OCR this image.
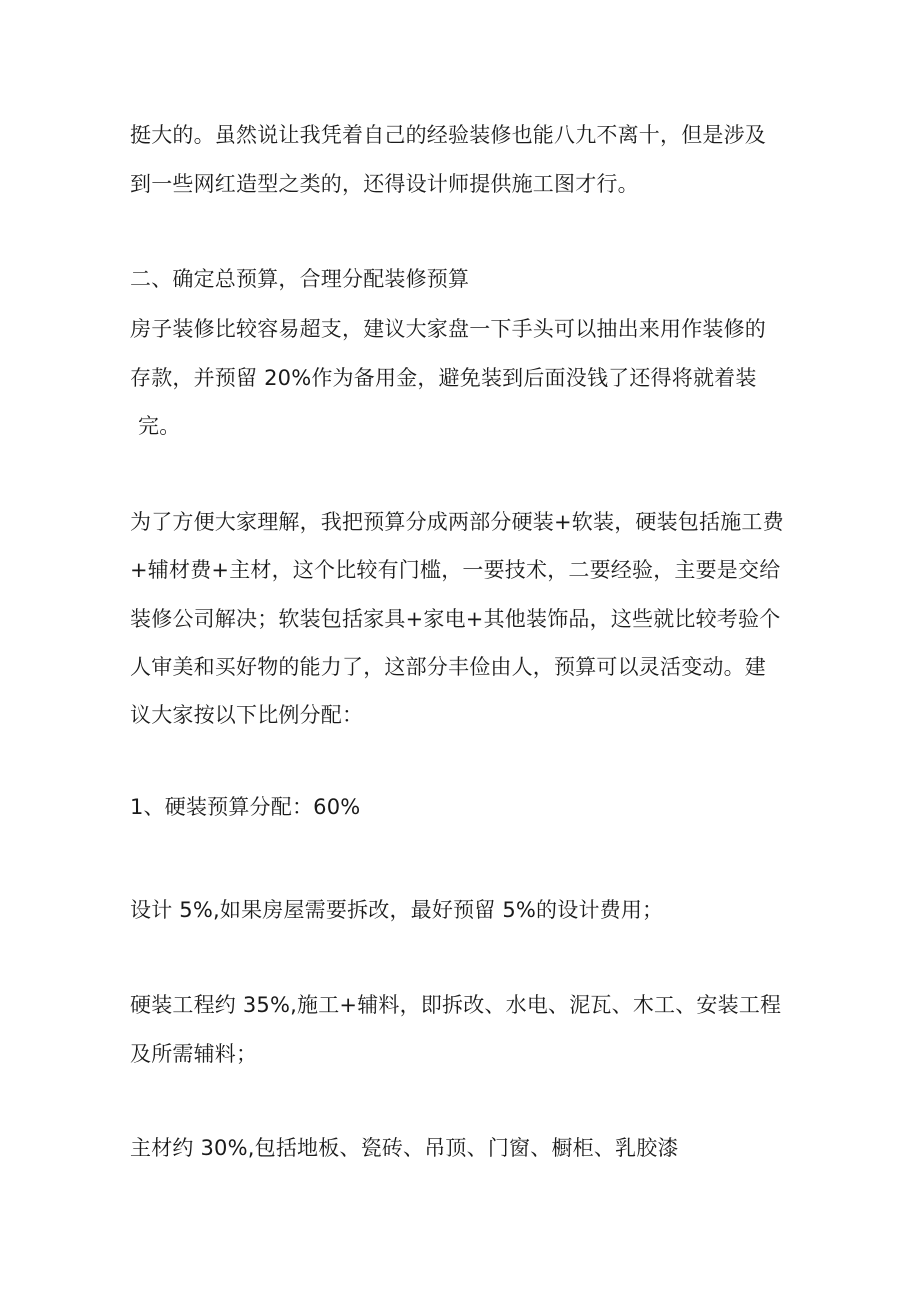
挺大的。虽然说让我凭着自己的经验装修也能八九不离十，但是涉及
到一些网红造型之类的，还得设计师提供施工图才行。
二、确定总预算，合理分配装修预算
房子装修比较容易超支，建议大家盘一下手头可以抽出来用作装修的
存款，并预留 20%作为备用金，避免装到后面没钱了还得将就着装
完。
为了方便大家理解，我把预算分成两部分硬装+软装，硬装包括施工费
+辅材费+主材，这个比较有门槛，一要技术，二要经验，主要是交给
装修公司解决；软装包括家具+家电+其他装饰品，这些就比较考验个
人审美和买好物的能力了，这部分丰俭由人，预算可以灵活变动。建
议大家按以下比例分配：
1、硬装预算分配：60%
设计 5%,如果房屋需要拆改，最好预留 5%的设计费用；
硬装工程约 35%,施工+辅料，即拆改、水电、泥瓦、木工、安装工程
及所需辅料；
主材约 30%,包括地板、瓷砖、吊顶、门窗、橱柜、乳胶漆
